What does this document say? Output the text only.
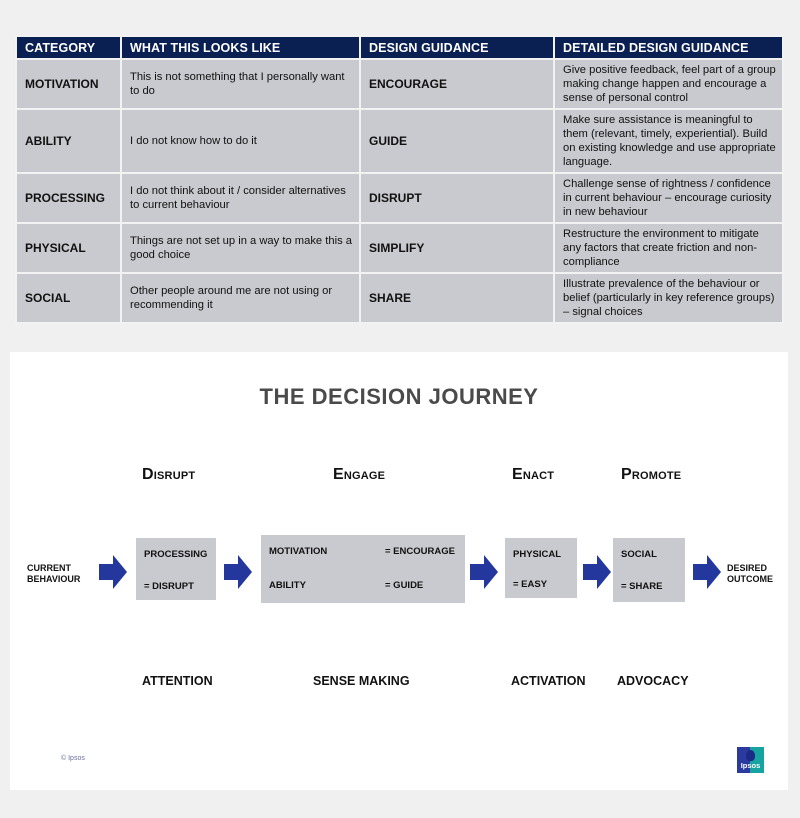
CATEGORY	WHAT THIS LOOKS LIKE	DESIGN GUIDANCE	DETAILED DESIGN GUIDANCE
MOTIVATION	This is not something that I personally want to do	ENCOURAGE	Give positive feedback, feel part of a group making change happen and encourage a sense of personal control
ABILITY	I do not know how to do it	GUIDE	Make sure assistance is meaningful to them (relevant, timely, experiential). Build on existing knowledge and use appropriate language.
PROCESSING	I do not think about it / consider alternatives to current behaviour	DISRUPT	Challenge sense of rightness / confidence in current behaviour – encourage curiosity in new behaviour
PHYSICAL	Things are not set up in a way to make this a good choice	SIMPLIFY	Restructure the environment to mitigate any factors that create friction and non-compliance
SOCIAL	Other people around me are not using or recommending it	SHARE	Illustrate prevalence of the behaviour or belief (particularly in key reference groups) – signal choices
THE DECISION JOURNEY
Disrupt	Engage	Enact	Promote
CURRENT
BEHAVIOUR
PROCESSING
= DISRUPT
MOTIVATION	= ENCOURAGE
ABILITY	= GUIDE
PHYSICAL
= EASY
SOCIAL
= SHARE
DESIRED
OUTCOME
ATTENTION	SENSE MAKING	ACTIVATION	ADVOCACY
© Ipsos
Ipsos
